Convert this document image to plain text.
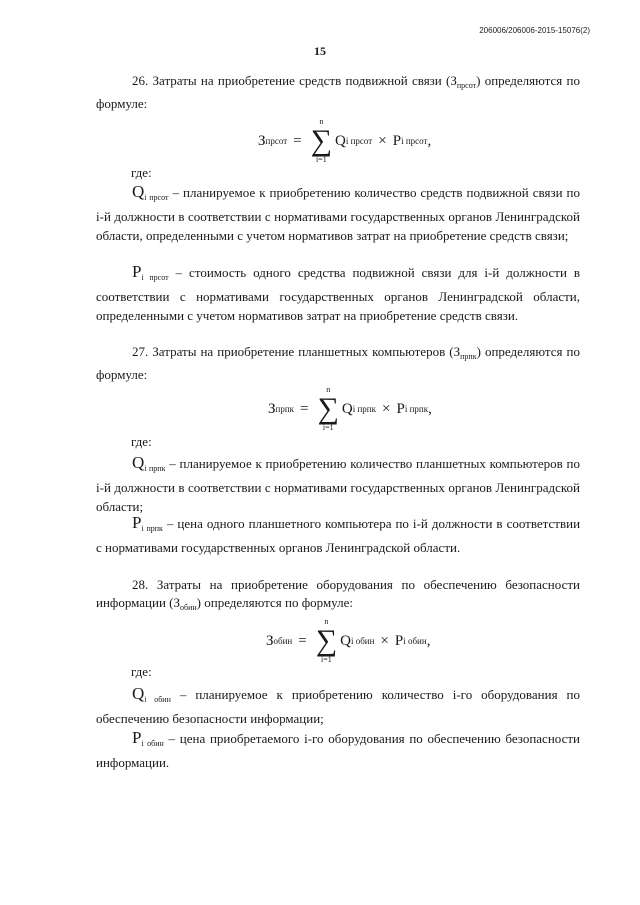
206006/206006-2015-15076(2)
15

26. Затраты на приобретение средств подвижной связи $(З_{прсот})$ определяются по формуле:

З прсот =
n
∑
i=1
Q i прсот × P i прсот ,
где:
$Q_{i прсот}$ – планируемое к приобретению количество средств подвижной связи по i-й должности в соответствии с нормативами государственных органов Ленинградской области, определенными с учетом нормативов затрат на приобретение средств связи;
$P_{i прсот}$ – стоимость одного средства подвижной связи для i-й должности в соответствии с нормативами государственных органов Ленинградской области, определенными с учетом нормативов затрат на приобретение средств связи.

27. Затраты на приобретение планшетных компьютеров $(З_{прпк})$ определяются по формуле:

З прпк =
n
∑
i=1
Q i прпк × P i прпк ,
где:
$Q_{i прпк}$ – планируемое к приобретению количество планшетных компьютеров по i-й должности в соответствии с нормативами государственных органов Ленинградской области;
$P_{i прпк}$ – цена одного планшетного компьютера по i-й должности в соответствии с нормативами государственных органов Ленинградской области.

28. Затраты на приобретение оборудования по обеспечению безопасности информации $(З_{обин})$ определяются по формуле:

З обин =
n
∑
i=1
Q i обин × P i обин ,
где:
$Q_{i обин}$ – планируемое к приобретению количество i-го оборудования по обеспечению безопасности информации;
$P_{i обин}$ – цена приобретаемого i-го оборудования по обеспечению безопасности информации.
